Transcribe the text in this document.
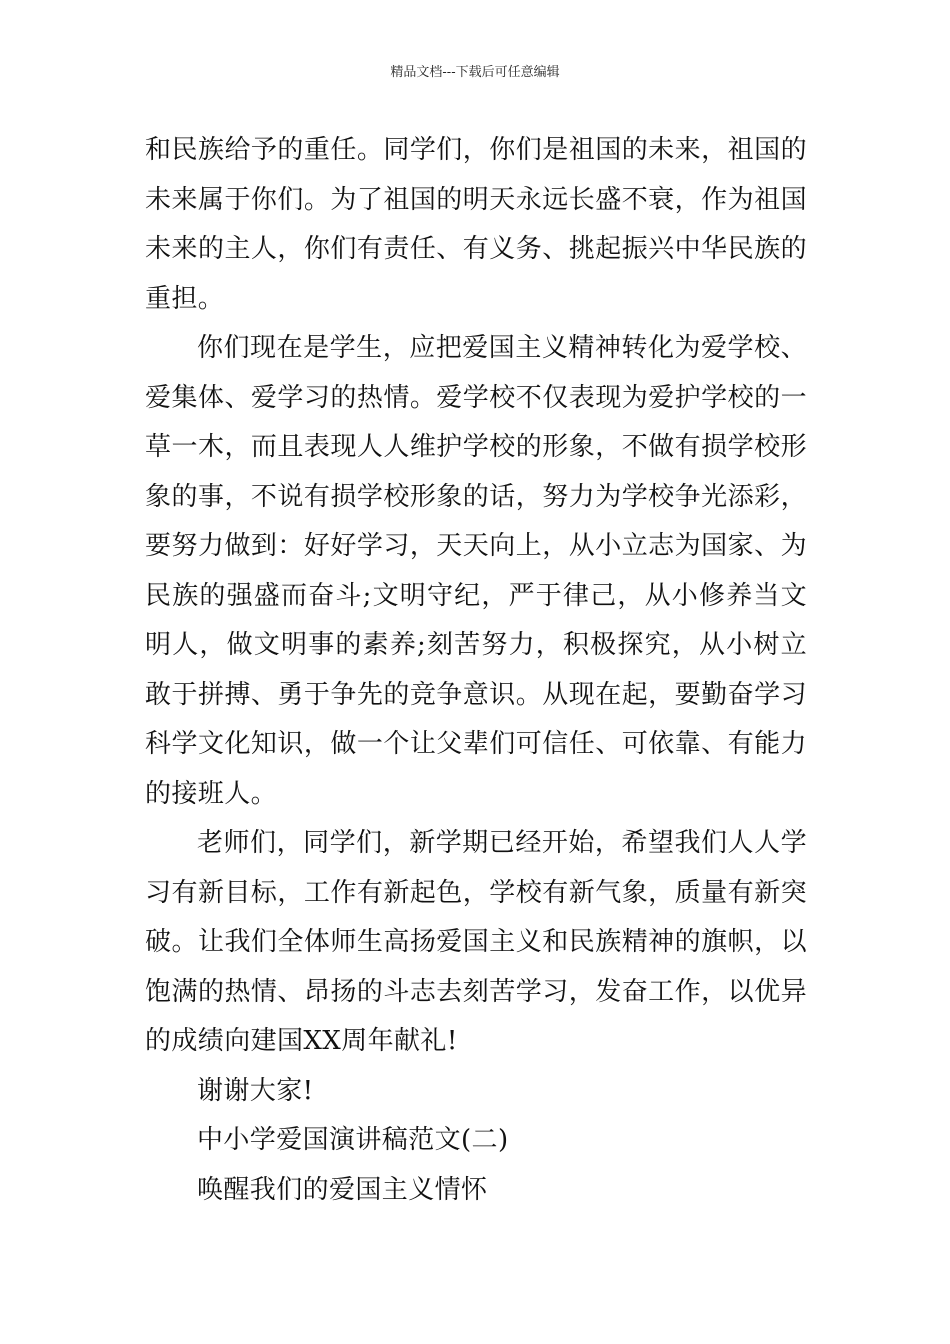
精品文档---下载后可任意编辑

和民族给予的重任。同学们，你们是祖国的未来，祖国的未来属于你们。为了祖国的明天永远长盛不衰，作为祖国未来的主人，你们有责任、有义务、挑起振兴中华民族的重担。

你们现在是学生，应把爱国主义精神转化为爱学校、爱集体、爱学习的热情。爱学校不仅表现为爱护学校的一草一木，而且表现人人维护学校的形象，不做有损学校形象的事，不说有损学校形象的话，努力为学校争光添彩，要努力做到：好好学习，天天向上，从小立志为国家、为民族的强盛而奋斗;文明守纪，严于律己，从小修养当文明人，做文明事的素养;刻苦努力，积极探究，从小树立敢于拼搏、勇于争先的竞争意识。从现在起，要勤奋学习科学文化知识，做一个让父辈们可信任、可依靠、有能力的接班人。

老师们，同学们，新学期已经开始，希望我们人人学习有新目标，工作有新起色，学校有新气象，质量有新突破。让我们全体师生高扬爱国主义和民族精神的旗帜，以饱满的热情、昂扬的斗志去刻苦学习，发奋工作，以优异的成绩向建国XX周年献礼!

谢谢大家!

中小学爱国演讲稿范文(二)

唤醒我们的爱国主义情怀
